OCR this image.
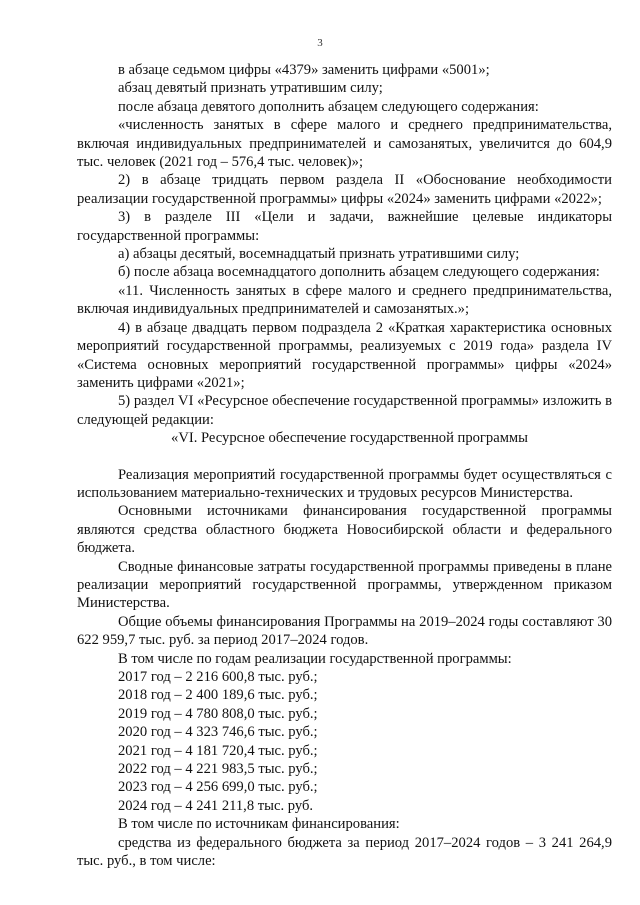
3

в абзаце седьмом цифры «4379» заменить цифрами «5001»;

абзац девятый признать утратившим силу;

после абзаца девятого дополнить абзацем следующего содержания:

«численность занятых в сфере малого и среднего предпринимательства, включая индивидуальных предпринимателей и самозанятых, увеличится до 604,9 тыс. человек (2021 год – 576,4 тыс. человек)»;

2) в абзаце тридцать первом раздела II «Обоснование необходимости реализации государственной программы» цифры «2024» заменить цифрами «2022»;

3) в разделе III «Цели и задачи, важнейшие целевые индикаторы государственной программы:

а) абзацы десятый, восемнадцатый признать утратившими силу;

б) после абзаца восемнадцатого дополнить абзацем следующего содержания:

«11. Численность занятых в сфере малого и среднего предпринимательства, включая индивидуальных предпринимателей и самозанятых.»;

4) в абзаце двадцать первом подраздела 2 «Краткая характеристика основных мероприятий государственной программы, реализуемых с 2019 года» раздела IV «Система основных мероприятий государственной программы» цифры «2024» заменить цифрами «2021»;

5) раздел VI «Ресурсное обеспечение государственной программы» изложить в следующей редакции:

«VI. Ресурсное обеспечение государственной программы

Реализация мероприятий государственной программы будет осуществляться с использованием материально-технических и трудовых ресурсов Министерства.

Основными источниками финансирования государственной программы являются средства областного бюджета Новосибирской области и федерального бюджета.

Сводные финансовые затраты государственной программы приведены в плане реализации мероприятий государственной программы, утвержденном приказом Министерства.

Общие объемы финансирования Программы на 2019–2024 годы составляют 30 622 959,7 тыс. руб. за период 2017–2024 годов.

В том числе по годам реализации государственной программы:

2017 год – 2 216 600,8 тыс. руб.;

2018 год – 2 400 189,6 тыс. руб.;

2019 год – 4 780 808,0 тыс. руб.;

2020 год – 4 323 746,6 тыс. руб.;

2021 год – 4 181 720,4 тыс. руб.;

2022 год – 4 221 983,5 тыс. руб.;

2023 год – 4 256 699,0 тыс. руб.;

2024 год – 4 241 211,8 тыс. руб.

В том числе по источникам финансирования:

средства из федерального бюджета за период 2017–2024 годов – 3 241 264,9 тыс. руб., в том числе:
